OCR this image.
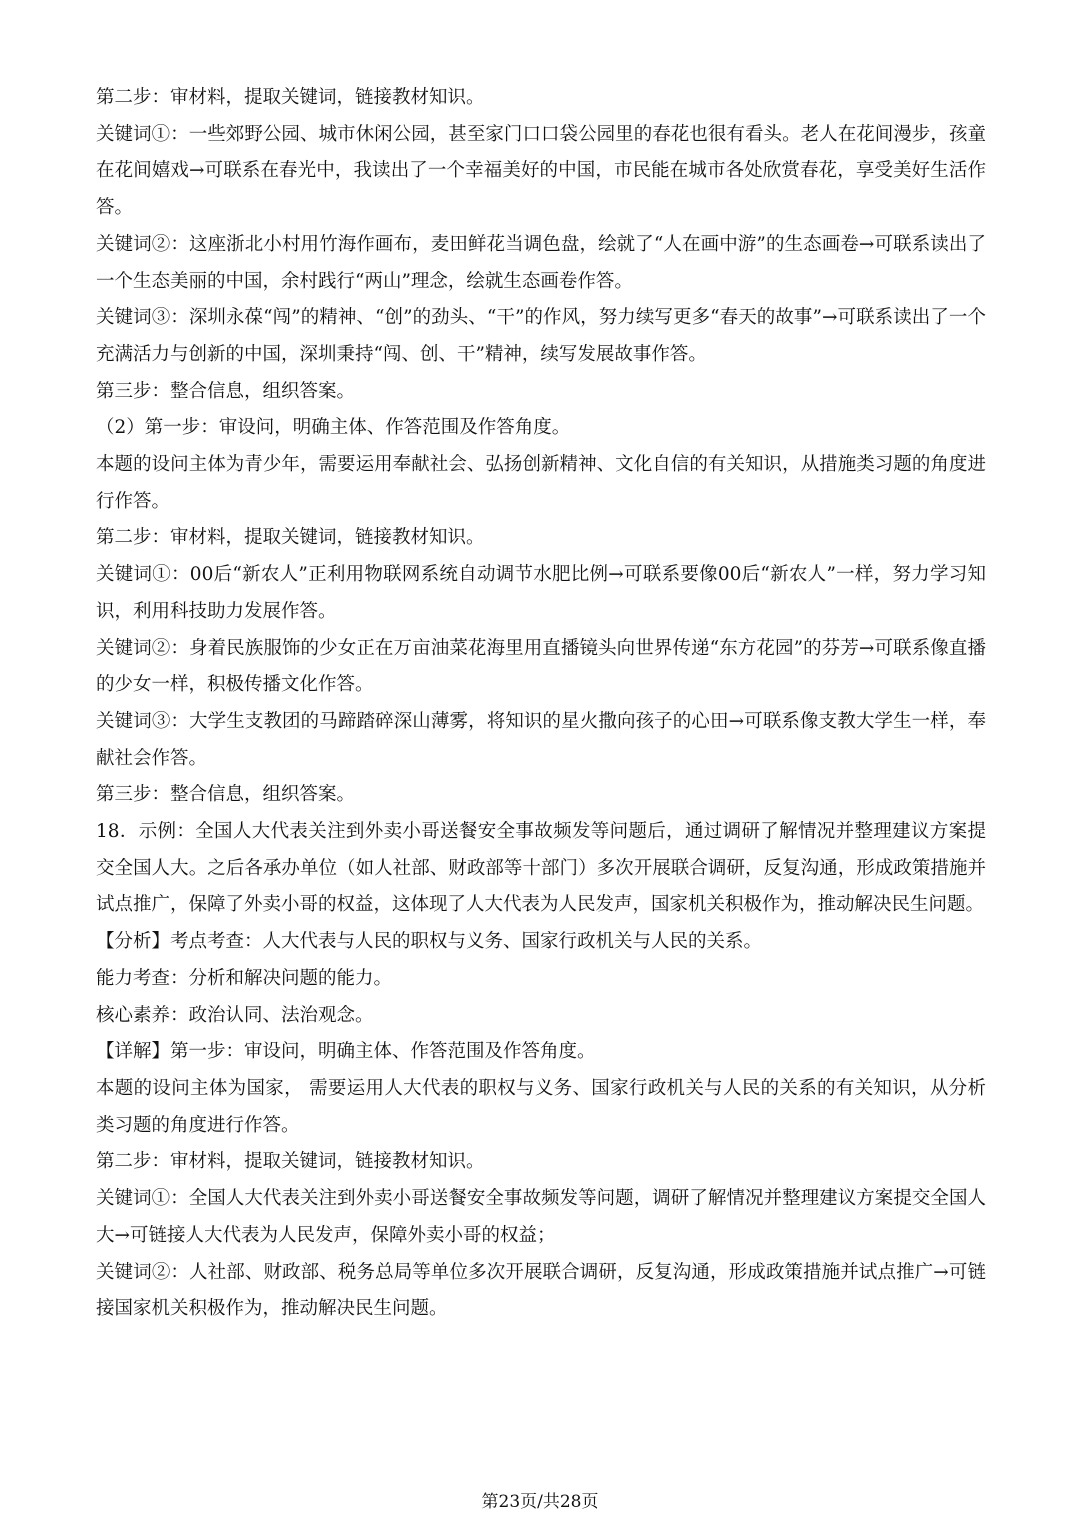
第二步：审材料，提取关键词，链接教材知识。

关键词①：一些郊野公园、城市休闲公园，甚至家门口口袋公园里的春花也很有看头。老人在花间漫步，孩童在花间嬉戏→可联系在春光中，我读出了一个幸福美好的中国，市民能在城市各处欣赏春花，享受美好生活作答。

关键词②：这座浙北小村用竹海作画布，麦田鲜花当调色盘，绘就了“人在画中游”的生态画卷→可联系读出了一个生态美丽的中国，余村践行“两山”理念，绘就生态画卷作答。

关键词③：深圳永葆“闯”的精神、“创”的劲头、“干”的作风，努力续写更多“春天的故事”→可联系读出了一个充满活力与创新的中国，深圳秉持“闯、创、干”精神，续写发展故事作答。

第三步：整合信息，组织答案。

（2）第一步：审设问，明确主体、作答范围及作答角度。

本题的设问主体为青少年，需要运用奉献社会、弘扬创新精神、文化自信的有关知识，从措施类习题的角度进行作答。

第二步：审材料，提取关键词，链接教材知识。

关键词①：00后“新农人”正利用物联网系统自动调节水肥比例→可联系要像00后“新农人”一样，努力学习知识，利用科技助力发展作答。

关键词②：身着民族服饰的少女正在万亩油菜花海里用直播镜头向世界传递“东方花园”的芬芳→可联系像直播的少女一样，积极传播文化作答。

关键词③：大学生支教团的马蹄踏碎深山薄雾，将知识的星火撒向孩子的心田→可联系像支教大学生一样，奉献社会作答。

第三步：整合信息，组织答案。

18．示例：全国人大代表关注到外卖小哥送餐安全事故频发等问题后，通过调研了解情况并整理建议方案提交全国人大。之后各承办单位（如人社部、财政部等十部门）多次开展联合调研，反复沟通，形成政策措施并试点推广，保障了外卖小哥的权益，这体现了人大代表为人民发声，国家机关积极作为，推动解决民生问题。

【分析】考点考查：人大代表与人民的职权与义务、国家行政机关与人民的关系。

能力考查：分析和解决问题的能力。

核心素养：政治认同、法治观念。

【详解】第一步：审设问，明确主体、作答范围及作答角度。

本题的设问主体为国家， 需要运用人大代表的职权与义务、国家行政机关与人民的关系的有关知识，从分析类习题的角度进行作答。

第二步：审材料，提取关键词，链接教材知识。

关键词①：全国人大代表关注到外卖小哥送餐安全事故频发等问题，调研了解情况并整理建议方案提交全国人大→可链接人大代表为人民发声，保障外卖小哥的权益；

关键词②：人社部、财政部、税务总局等单位多次开展联合调研，反复沟通，形成政策措施并试点推广→可链接国家机关积极作为，推动解决民生问题。

第23页/共28页
